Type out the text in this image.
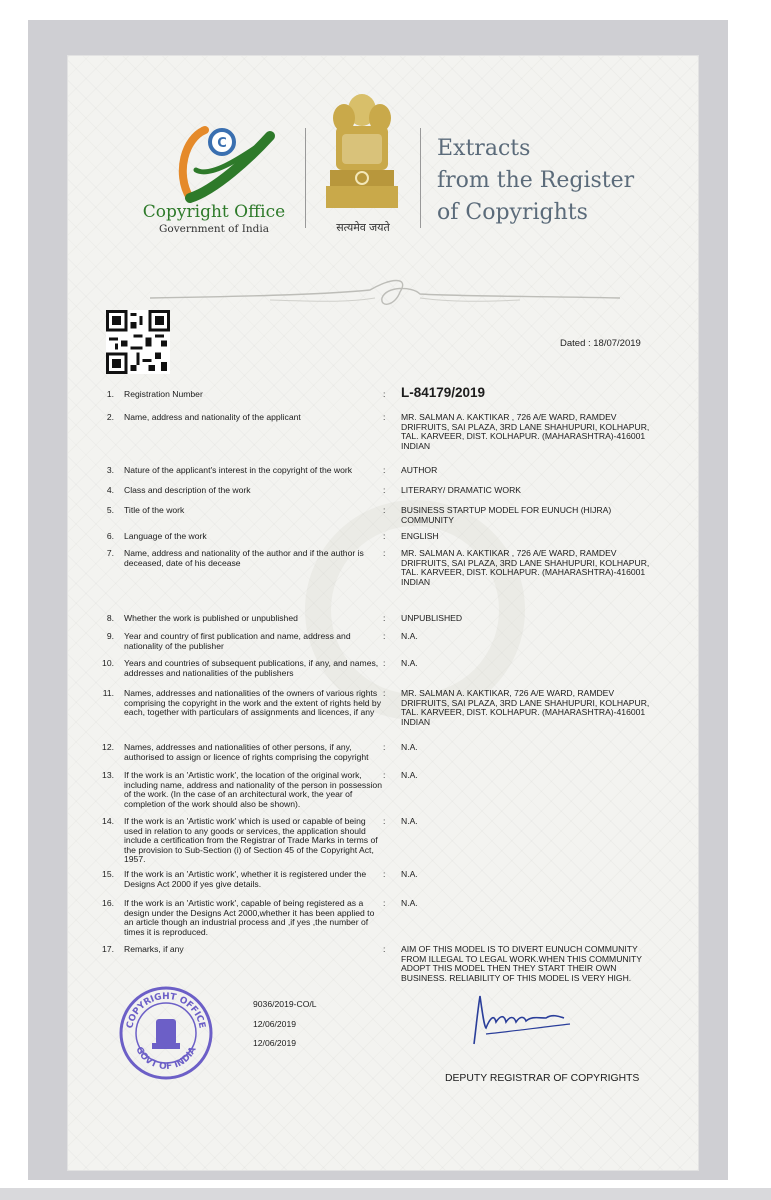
C
Copyright Office
Government of India	सत्यमेव जयते
Extracts
from the Register
of Copyrights
Dated : 18/07/2019
1. Registration Number	:	L-84179/2019
2. Name, address and nationality of the applicant	:	MR. SALMAN A. KAKTIKAR , 726 A/E WARD, RAMDEV DRIFRUITS, SAI PLAZA, 3RD LANE SHAHUPURI, KOLHAPUR, TAL. KARVEER, DIST. KOLHAPUR. (MAHARASHTRA)-416001 INDIAN
3. Nature of the applicant's interest in the copyright of the work	:	AUTHOR
4. Class and description of the work	:	LITERARY/ DRAMATIC WORK
5. Title of the work	:	BUSINESS STARTUP MODEL FOR EUNUCH (HIJRA) COMMUNITY
6. Language of the work	:	ENGLISH
7. Name, address and nationality of the author and if the author is deceased, date of his decease
:	MR. SALMAN A. KAKTIKAR , 726 A/E WARD, RAMDEV DRIFRUITS, SAI PLAZA, 3RD LANE SHAHUPURI, KOLHAPUR, TAL. KARVEER, DIST. KOLHAPUR. (MAHARASHTRA)-416001 INDIAN
8. Whether the work is published or unpublished	:	UNPUBLISHED
9. Year and country of first publication and name, address and nationality of the publisher
:	N.A.
10. Years and countries of subsequent publications, if any, and names, addresses and nationalities of the publishers
:	N.A.
11. Names, addresses and nationalities of the owners of various rights comprising the copyright in the work and the extent of rights held by each, together with particulars of assignments and licences, if any
:	MR. SALMAN A. KAKTIKAR, 726 A/E WARD, RAMDEV DRIFRUITS, SAI PLAZA, 3RD LANE SHAHUPURI, KOLHAPUR, TAL. KARVEER, DIST. KOLHAPUR. (MAHARASHTRA)-416001 INDIAN
12. Names, addresses and nationalities of other persons, if any, authorised to assign or licence of rights comprising the copyright
:	N.A.
13. If the work is an 'Artistic work', the location of the original work, including name, address and nationality of the person in possession of the work. (In the case of an architectural work, the year of completion of the work should also be shown).
:	N.A.
14. If the work is an 'Artistic work' which is used or capable of being used in relation to any goods or services, the application should include a certification from the Registrar of Trade Marks in terms of the provision to Sub-Section (i) of Section 45 of the Copyright Act, 1957.
:	N.A.
15. If the work is an 'Artistic work', whether it is registered under the Designs Act 2000 if yes give details.
:	N.A.
16. If the work is an 'Artistic work', capable of being registered as a design under the Designs Act 2000,whether it has been applied to an article though an industrial process and ,if yes ,the number of times it is reproduced.
:	N.A.
17. Remarks, if any	:	AIM OF THIS MODEL IS TO DIVERT EUNUCH COMMUNITY FROM ILLEGAL TO LEGAL WORK.WHEN THIS COMMUNITY ADOPT THIS MODEL THEN THEY START THEIR OWN BUSINESS. RELIABILITY OF THIS MODEL IS VERY HIGH.
COPYRIGHT OFFICE
GOVT OF INDIA
9036/2019-CO/L
12/06/2019
12/06/2019
DEPUTY REGISTRAR OF COPYRIGHTS
